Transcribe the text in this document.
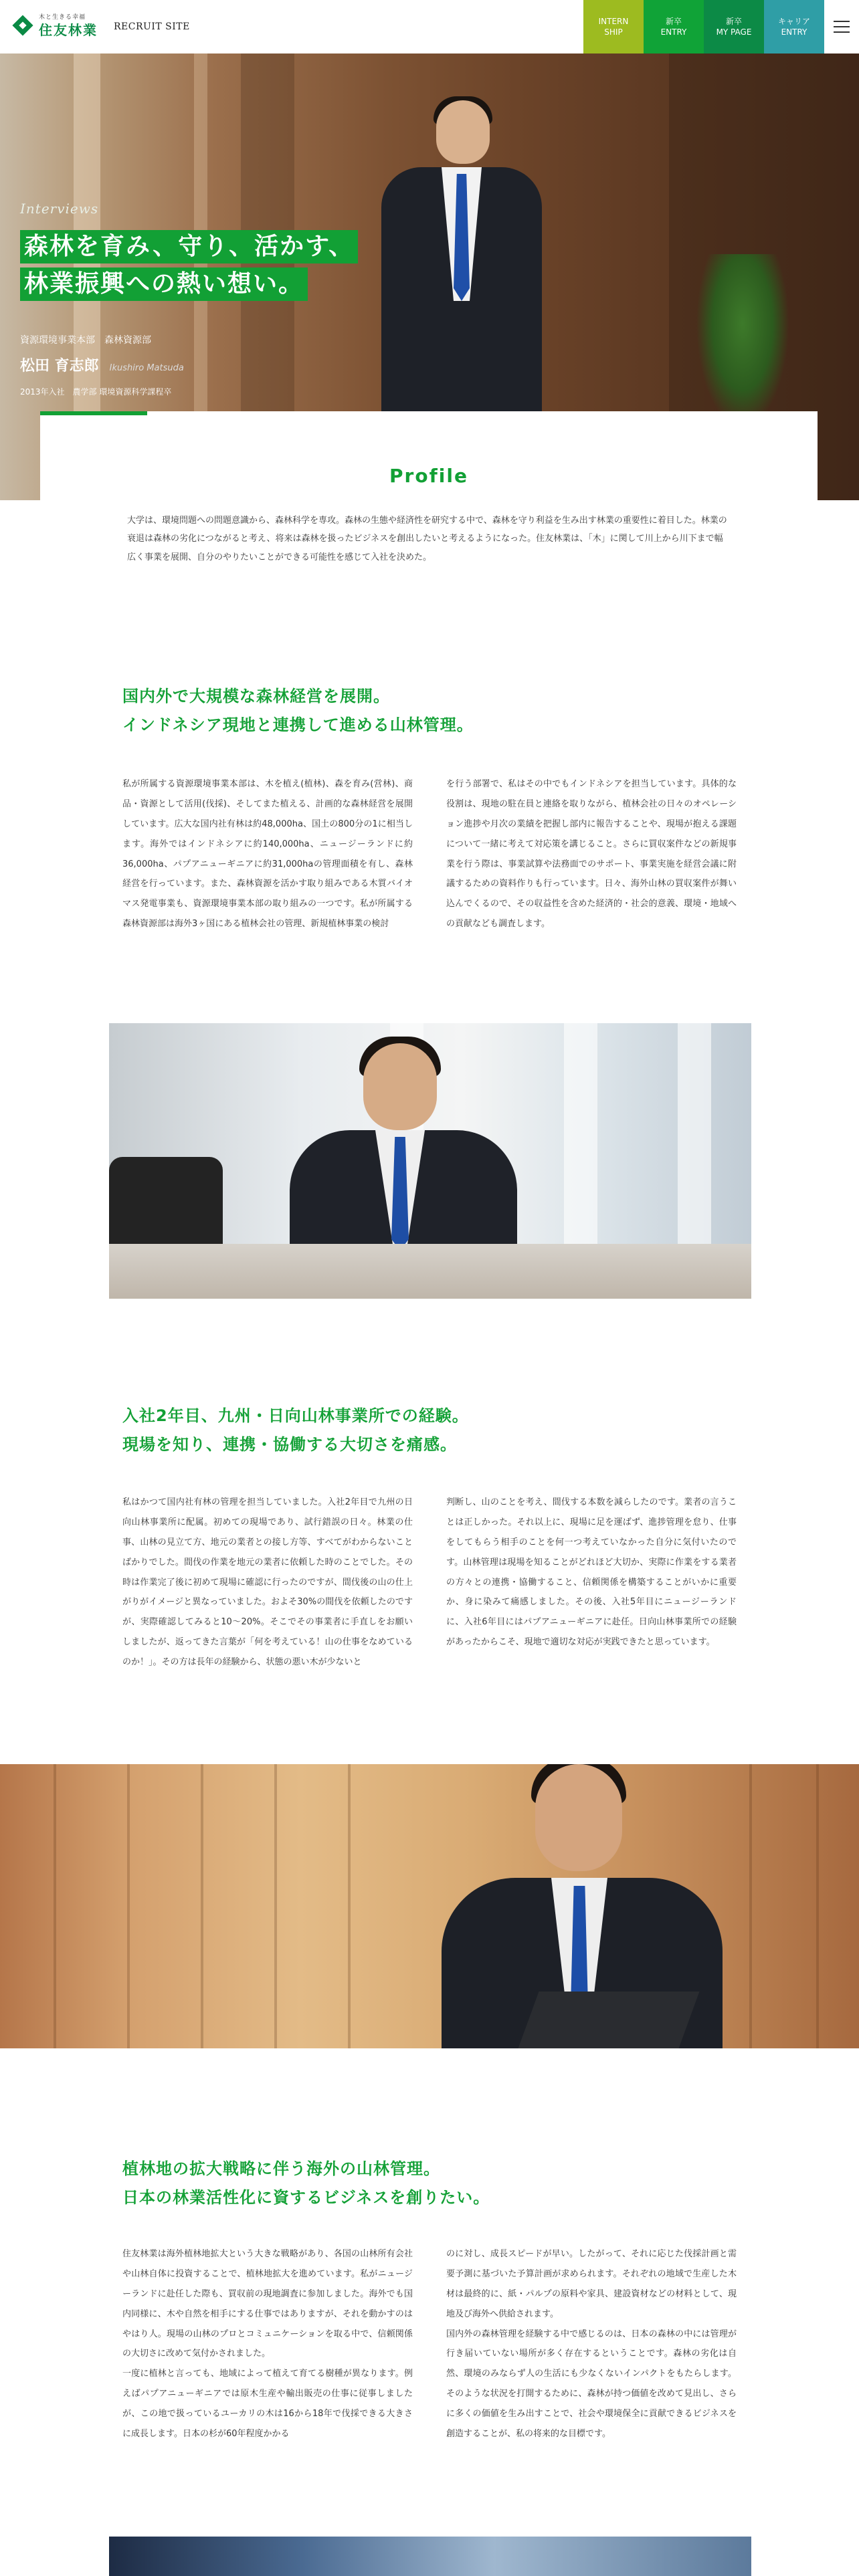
木と生きる幸福
住友林業 RECRUIT SITE
INTERN
SHIP
新卒
ENTRY
新卒
MY PAGE
キャリア
ENTRY
Interviews
森林を育み、守り、活かす、
林業振興への熱い想い。
資源環境事業本部　森林資源部
松田 育志郎 Ikushiro Matsuda
2013年入社　農学部 環境資源科学課程卒
Profile

大学は、環境問題への問題意識から、森林科学を専攻。森林の生態や経済性を研究する中で、森林を守り利益を生み出す林業の重要性に着目した。林業の衰退は森林の劣化につながると考え、将来は森林を扱ったビジネスを創出したいと考えるようになった。住友林業は、「木」に関して川上から川下まで幅広く事業を展開、自分のやりたいことができる可能性を感じて入社を決めた。

国内外で大規模な森林経営を展開。
インドネシア現地と連携して進める山林管理。

私が所属する資源環境事業本部は、木を植え(植林)、森を育み(営林)、商品・資源として活用(伐採)、そしてまた植える、計画的な森林経営を展開しています。広大な国内社有林は約48,000ha、国土の800分の1に相当します。海外ではインドネシアに約140,000ha、ニュージーランドに約36,000ha、パプアニューギニアに約31,000haの管理面積を有し、森林経営を行っています。また、森林資源を活かす取り組みである木質バイオマス発電事業も、資源環境事業本部の取り組みの一つです。私が所属する森林資源部は海外3ヶ国にある植林会社の管理、新規植林事業の検討

を行う部署で、私はその中でもインドネシアを担当しています。具体的な役割は、現地の駐在員と連絡を取りながら、植林会社の日々のオペレーション進捗や月次の業績を把握し部内に報告することや、現場が抱える課題について一緒に考えて対応策を講じること。さらに買収案件などの新規事業を行う際は、事業試算や法務面でのサポート、事業実施を経営会議に附議するための資料作りも行っています。日々、海外山林の買収案件が舞い込んでくるので、その収益性を含めた経済的・社会的意義、環境・地域への貢献なども調査します。

入社2年目、九州・日向山林事業所での経験。
現場を知り、連携・協働する大切さを痛感。

私はかつて国内社有林の管理を担当していました。入社2年目で九州の日向山林事業所に配属。初めての現場であり、試行錯誤の日々。林業の仕事、山林の見立て方、地元の業者との接し方等、すべてがわからないことばかりでした。間伐の作業を地元の業者に依頼した時のことでした。その時は作業完了後に初めて現場に確認に行ったのですが、間伐後の山の仕上がりがイメージと異なっていました。およそ30%の間伐を依頼したのですが、実際確認してみると10〜20%。そこでその事業者に手直しをお願いしましたが、返ってきた言葉が「何を考えている！山の仕事をなめているのか！」。その方は長年の経験から、状態の悪い木が少ないと

判断し、山のことを考え、間伐する本数を減らしたのです。業者の言うことは正しかった。それ以上に、現場に足を運ばず、進捗管理を怠り、仕事をしてもらう相手のことを何一つ考えていなかった自分に気付いたのです。山林管理は現場を知ることがどれほど大切か、実際に作業をする業者の方々との連携・協働すること、信頼関係を構築することがいかに重要か、身に染みて痛感しました。その後、入社5年目にニュージーランドに、入社6年目にはパプアニューギニアに赴任。日向山林事業所での経験があったからこそ、現地で適切な対応が実践できたと思っています。

植林地の拡大戦略に伴う海外の山林管理。
日本の林業活性化に資するビジネスを創りたい。

住友林業は海外植林地拡大という大きな戦略があり、各国の山林所有会社や山林自体に投資することで、植林地拡大を進めています。私がニュージーランドに赴任した際も、買収前の現地調査に参加しました。海外でも国内同様に、木や自然を相手にする仕事ではありますが、それを動かすのはやはり人。現場の山林のプロとコミュニケーションを取る中で、信頼関係の大切さに改めて気付かされました。
一度に植林と言っても、地域によって植えて育てる樹種が異なります。例えばパプアニューギニアでは原木生産や輸出販売の仕事に従事しましたが、この地で扱っているユーカリの木は16から18年で伐採できる大きさに成長します。日本の杉が60年程度かかる

のに対し、成長スピードが早い。したがって、それに応じた伐採計画と需要予測に基づいた予算計画が求められます。それぞれの地域で生産した木材は最終的に、紙・パルプの原料や家具、建設資材などの材料として、現地及び海外へ供給されます。
国内外の森林管理を経験する中で感じるのは、日本の森林の中には管理が行き届いていない場所が多く存在するということです。森林の劣化は自然、環境のみならず人の生活にも少なくないインパクトをもたらします。そのような状況を打開するために、森林が持つ価値を改めて見出し、さらに多くの価値を生み出すことで、社会や環境保全に貢献できるビジネスを創造することが、私の将来的な目標です。
